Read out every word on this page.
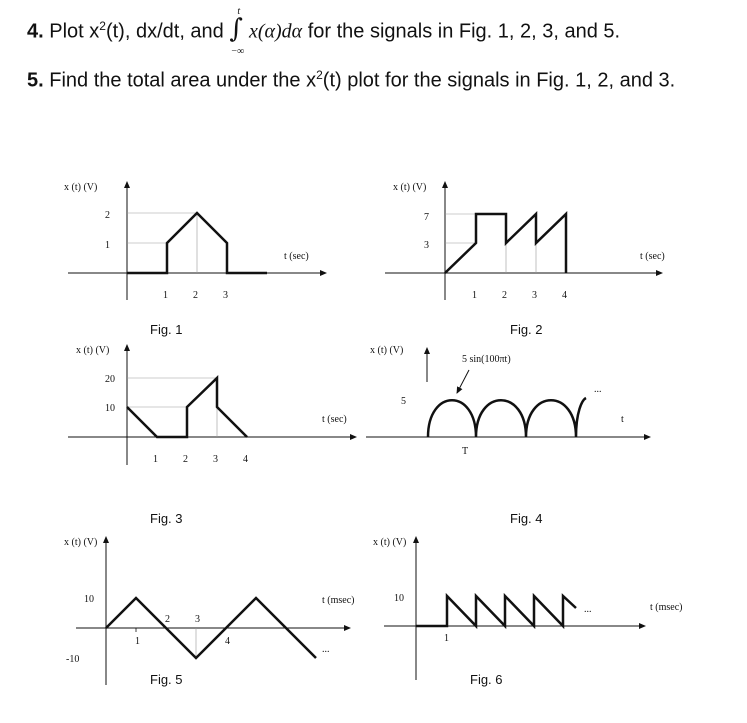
4. Plot $x^2(t)$, dx/dt, and ∫
t
−∞
x(α)dα for the signals in Fig. 1, 2, 3, and 5.
5. Find the total area under the $x^2(t)$ plot for the signals in Fig. 1, 2, and 3.
x (t) (V)
t (sec)
2
1
1	2	3
Fig. 1
x (t) (V)
t (sec)
7
3
1	2	3	4
Fig. 2
x (t) (V)
t (sec)
20
10
1	2	3	4
Fig. 3
x (t) (V)
t
5
T
5 sin(100πt)
...
Fig. 4
x (t) (V)
t (msec)
10
-10
1
2	3
4
...
Fig. 5
x (t) (V)
t (msec)
10
1
...
Fig. 6
